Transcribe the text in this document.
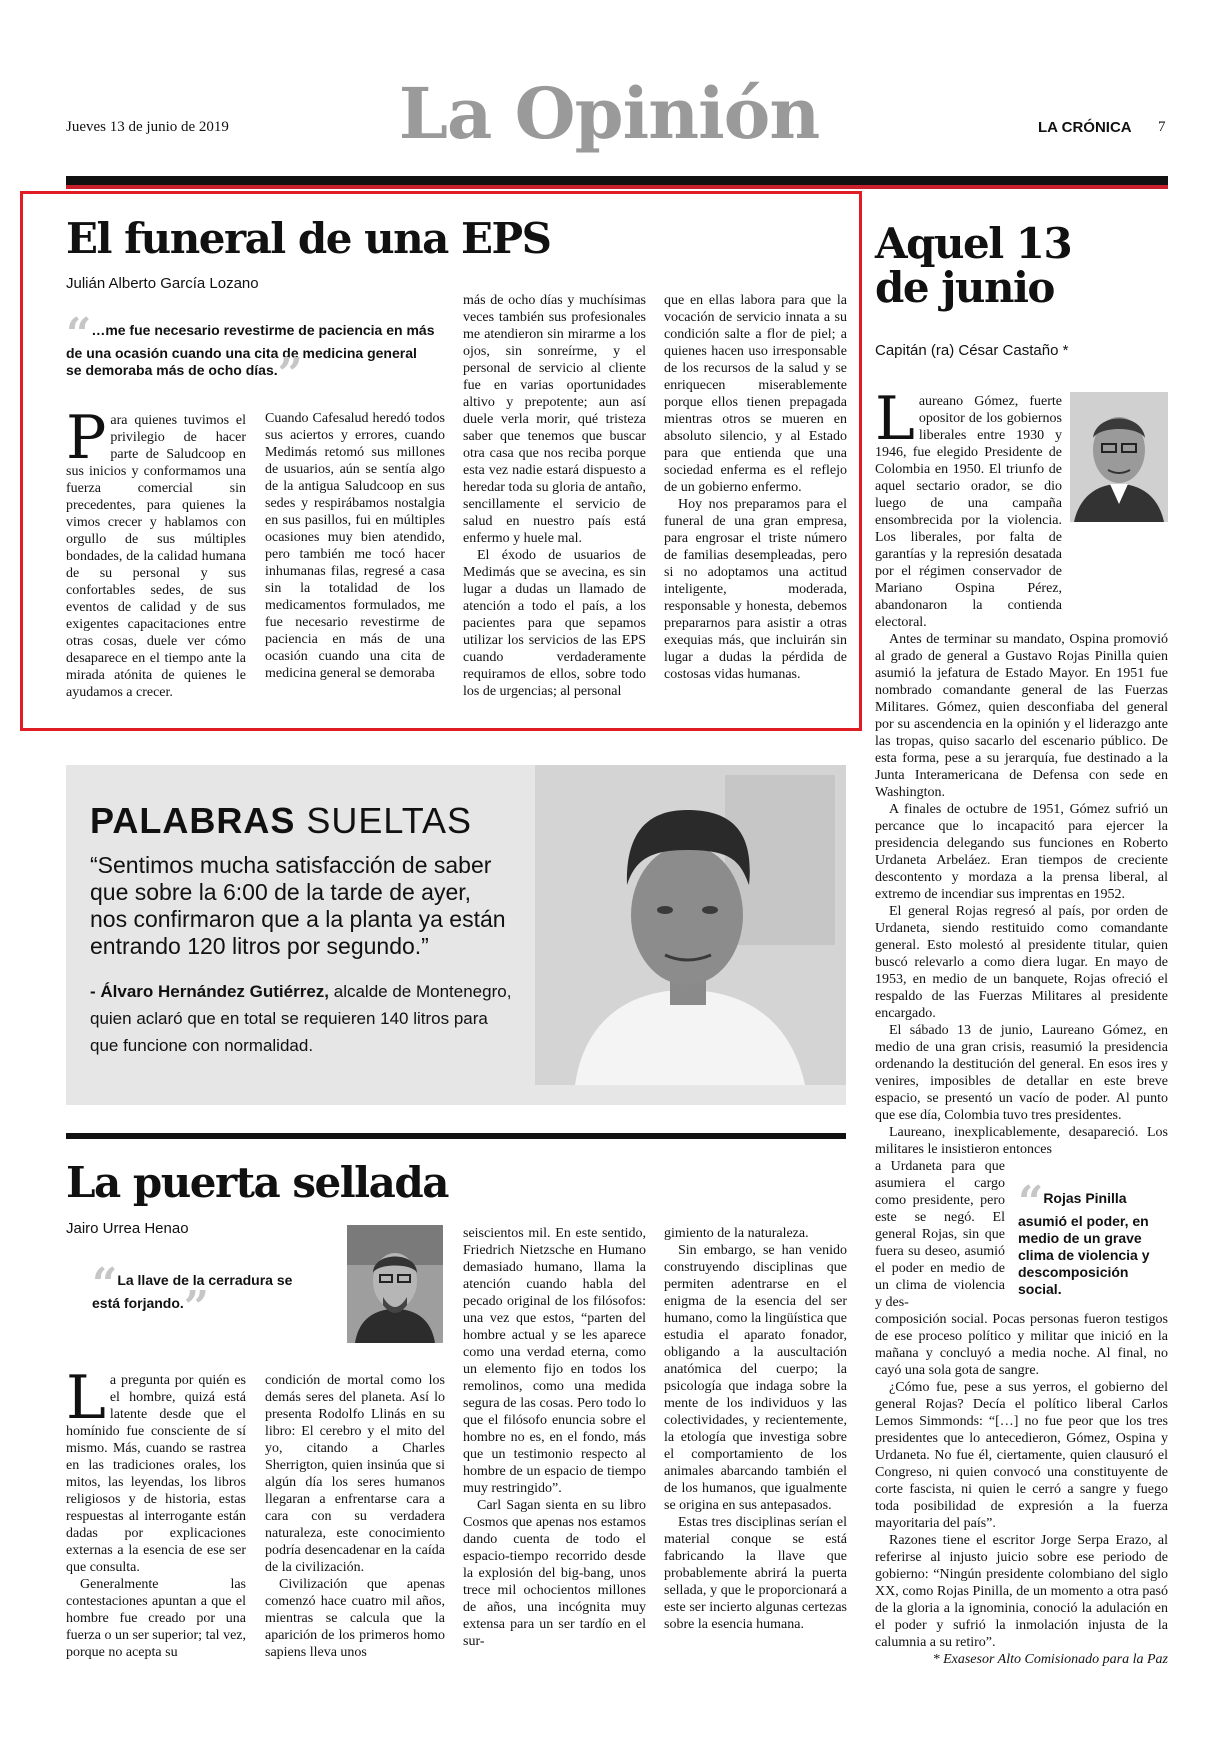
Jueves 13 de junio de 2019	La Opinión	LA CRÓNICA 7
El funeral de una EPS
Julián Alberto García Lozano
“…me fue necesario revestirme de paciencia en más de una ocasión cuando una cita de medicina general se demoraba más de ocho días.”

Para quienes tuvimos el privilegio de hacer parte de Saludcoop en sus inicios y conformamos una fuerza comercial sin precedentes, para quienes la vimos crecer y hablamos con orgullo de sus múltiples bondades, de la calidad humana de su personal y sus confortables sedes, de sus eventos de calidad y de sus exigentes capacitaciones entre otras cosas, duele ver cómo desaparece en el tiempo ante la mirada atónita de quienes le ayudamos a crecer.

Cuando Cafesalud heredó todos sus aciertos y errores, cuando Medimás retomó sus millones de usuarios, aún se sentía algo de la antigua Saludcoop en sus sedes y respirábamos nostalgia en sus pasillos, fui en múltiples ocasiones muy bien atendido, pero también me tocó hacer inhumanas filas, regresé a casa sin la totalidad de los medicamentos formulados, me fue necesario revestirme de paciencia en más de una ocasión cuando una cita de medicina general se demoraba

más de ocho días y muchísimas veces también sus profesionales me atendieron sin mirarme a los ojos, sin sonreírme, y el personal de servicio al cliente fue en varias oportunidades altivo y prepotente; aun así duele verla morir, qué tristeza saber que tenemos que buscar otra casa que nos reciba porque esta vez nadie estará dispuesto a heredar toda su gloria de antaño, sencillamente el servicio de salud en nuestro país está enfermo y huele mal.

El éxodo de usuarios de Medimás que se avecina, es sin lugar a dudas un llamado de atención a todo el país, a los pacientes para que sepamos utilizar los servicios de las EPS cuando verdaderamente requiramos de ellos, sobre todo los de urgencias; al personal

que en ellas labora para que la vocación de servicio innata a su condición salte a flor de piel; a quienes hacen uso irresponsable de los recursos de la salud y se enriquecen miserablemente porque ellos tienen prepagada mientras otros se mueren en absoluto silencio, y al Estado para que entienda que una sociedad enferma es el reflejo de un gobierno enfermo.

Hoy nos preparamos para el funeral de una gran empresa, para engrosar el triste número de familias desempleadas, pero si no adoptamos una actitud inteligente, moderada, responsable y honesta, debemos prepararnos para asistir a otras exequias más, que incluirán sin lugar a dudas la pérdida de costosas vidas humanas.

PALABRAS SUELTAS
“Sentimos mucha satisfacción de saber que sobre la 6:00 de la tarde de ayer, nos confirmaron que a la planta ya están entrando 120 litros por segundo.”
- Álvaro Hernández Gutiérrez, alcalde de Montenegro, quien aclaró que en total se requieren 140 litros para que funcione con normalidad.
La puerta sellada
Jairo Urrea Henao
“La llave de la cerradura se está forjando.”

La pregunta por quién es el hombre, quizá está latente desde que el homínido fue consciente de sí mismo. Más, cuando se rastrea en las tradiciones orales, los mitos, las leyendas, los libros religiosos y de historia, estas respuestas al interrogante están dadas por explicaciones externas a la esencia de ese ser que consulta.

Generalmente las contestaciones apuntan a que el hombre fue creado por una fuerza o un ser superior; tal vez, porque no acepta su

condición de mortal como los demás seres del planeta. Así lo presenta Rodolfo Llinás en su libro: El cerebro y el mito del yo, citando a Charles Sherrigton, quien insinúa que si algún día los seres humanos llegaran a enfrentarse cara a cara con su verdadera naturaleza, este conocimiento podría desencadenar en la caída de la civilización.

Civilización que apenas comenzó hace cuatro mil años, mientras se calcula que la aparición de los primeros homo sapiens lleva unos

seiscientos mil. En este sentido, Friedrich Nietzsche en Humano demasiado humano, llama la atención cuando habla del pecado original de los filósofos: una vez que estos, “parten del hombre actual y se les aparece como una verdad eterna, como un elemento fijo en todos los remolinos, como una medida segura de las cosas. Pero todo lo que el filósofo enuncia sobre el hombre no es, en el fondo, más que un testimonio respecto al hombre de un espacio de tiempo muy restringido”.

Carl Sagan sienta en su libro Cosmos que apenas nos estamos dando cuenta de todo el espacio-tiempo recorrido desde la explosión del big-bang, unos trece mil ochocientos millones de años, una incógnita muy extensa para un ser tardío en el sur-

gimiento de la naturaleza.

Sin embargo, se han venido construyendo disciplinas que permiten adentrarse en el enigma de la esencia del ser humano, como la lingüística que estudia el aparato fonador, obligando a la auscultación anatómica del cuerpo; la psicología que indaga sobre la mente de los individuos y las colectividades, y recientemente, la etología que investiga sobre el comportamiento de los animales abarcando también el de los humanos, que igualmente se origina en sus antepasados.

Estas tres disciplinas serían el material conque se está fabricando la llave que probablemente abrirá la puerta sellada, y que le proporcionará a este ser incierto algunas certezas sobre la esencia humana.

Aquel 13
de junio
Capitán (ra) César Castaño *

Laureano Gómez, fuerte opositor de los gobiernos liberales entre 1930 y 1946, fue elegido Presidente de Colombia en 1950. El triunfo de aquel sectario orador, se dio luego de una campaña ensombrecida por la violencia. Los liberales, por falta de garantías y la represión desatada por el régimen conservador de Mariano Ospina Pérez, abandonaron la contienda electoral.

Antes de terminar su mandato, Ospina promovió al grado de general a Gustavo Rojas Pinilla quien asumió la jefatura de Estado Mayor. En 1951 fue nombrado comandante general de las Fuerzas Militares. Gómez, quien desconfiaba del general por su ascendencia en la opinión y el liderazgo ante las tropas, quiso sacarlo del escenario público. De esta forma, pese a su jerarquía, fue destinado a la Junta Interamericana de Defensa con sede en Washington.

A finales de octubre de 1951, Gómez sufrió un percance que lo incapacitó para ejercer la presidencia delegando sus funciones en Roberto Urdaneta Arbeláez. Eran tiempos de creciente descontento y mordaza a la prensa liberal, al extremo de incendiar sus imprentas en 1952.

El general Rojas regresó al país, por orden de Urdaneta, siendo restituido como comandante general. Esto molestó al presidente titular, quien buscó relevarlo a como diera lugar. En mayo de 1953, en medio de un banquete, Rojas ofreció el respaldo de las Fuerzas Militares al presidente encargado.

El sábado 13 de junio, Laureano Gómez, en medio de una gran crisis, reasumió la presidencia ordenando la destitución del general. En esos ires y venires, imposibles de detallar en este breve espacio, se presentó un vacío de poder. Al punto que ese día, Colombia tuvo tres presidentes.

Laureano, inexplicablemente, desapareció. Los militares le insistieron entonces

a Urdaneta para que asumiera el cargo como presidente, pero este se negó. El general Rojas, sin que fuera su deseo, asumió el poder en medio de un clima de violencia y des-

composición social. Pocas personas fueron testigos de ese proceso político y militar que inició en la mañana y concluyó a media noche. Al final, no cayó una sola gota de sangre.

¿Cómo fue, pese a sus yerros, el gobierno del general Rojas? Decía el político liberal Carlos Lemos Simmonds: “[…] no fue peor que los tres presidentes que lo antecedieron, Gómez, Ospina y Urdaneta. No fue él, ciertamente, quien clausuró el Congreso, ni quien convocó una constituyente de corte fascista, ni quien le cerró a sangre y fuego toda posibilidad de expresión a la fuerza mayoritaria del país”.

Razones tiene el escritor Jorge Serpa Erazo, al referirse al injusto juicio sobre ese periodo de gobierno: “Ningún presidente colombiano del siglo XX, como Rojas Pinilla, de un momento a otra pasó de la gloria a la ignominia, conoció la adulación en el poder y sufrió la inmolación injusta de la calumnia a su retiro”.

* Exasesor Alto Comisionado para la Paz

“Rojas Pinilla asumió el poder, en medio de un grave clima de violencia y descomposición social.
